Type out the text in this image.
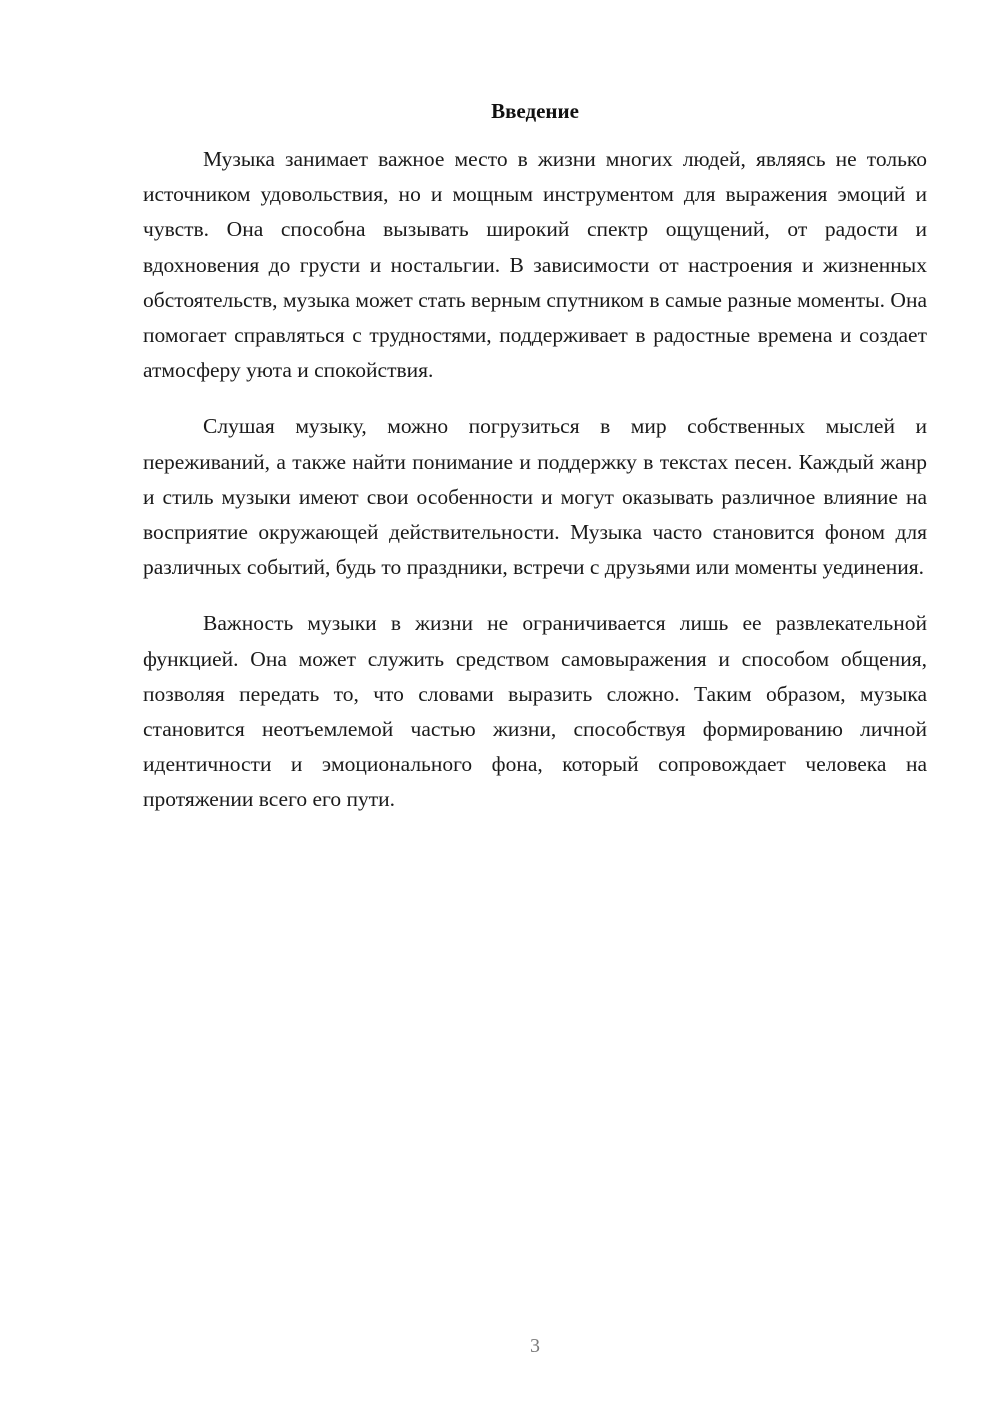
Введение

Музыка занимает важное место в жизни многих людей, являясь не только источником удовольствия, но и мощным инструментом для выражения эмоций и чувств. Она способна вызывать широкий спектр ощущений, от радости и вдохновения до грусти и ностальгии. В зависимости от настроения и жизненных обстоятельств, музыка может стать верным спутником в самые разные моменты. Она помогает справляться с трудностями, поддерживает в радостные времена и создает атмосферу уюта и спокойствия.

Слушая музыку, можно погрузиться в мир собственных мыслей и переживаний, а также найти понимание и поддержку в текстах песен. Каждый жанр и стиль музыки имеют свои особенности и могут оказывать различное влияние на восприятие окружающей действительности. Музыка часто становится фоном для различных событий, будь то праздники, встречи с друзьями или моменты уединения.

Важность музыки в жизни не ограничивается лишь ее развлекательной функцией. Она может служить средством самовыражения и способом общения, позволяя передать то, что словами выразить сложно. Таким образом, музыка становится неотъемлемой частью жизни, способствуя формированию личной идентичности и эмоционального фона, который сопровождает человека на протяжении всего его пути.

3
